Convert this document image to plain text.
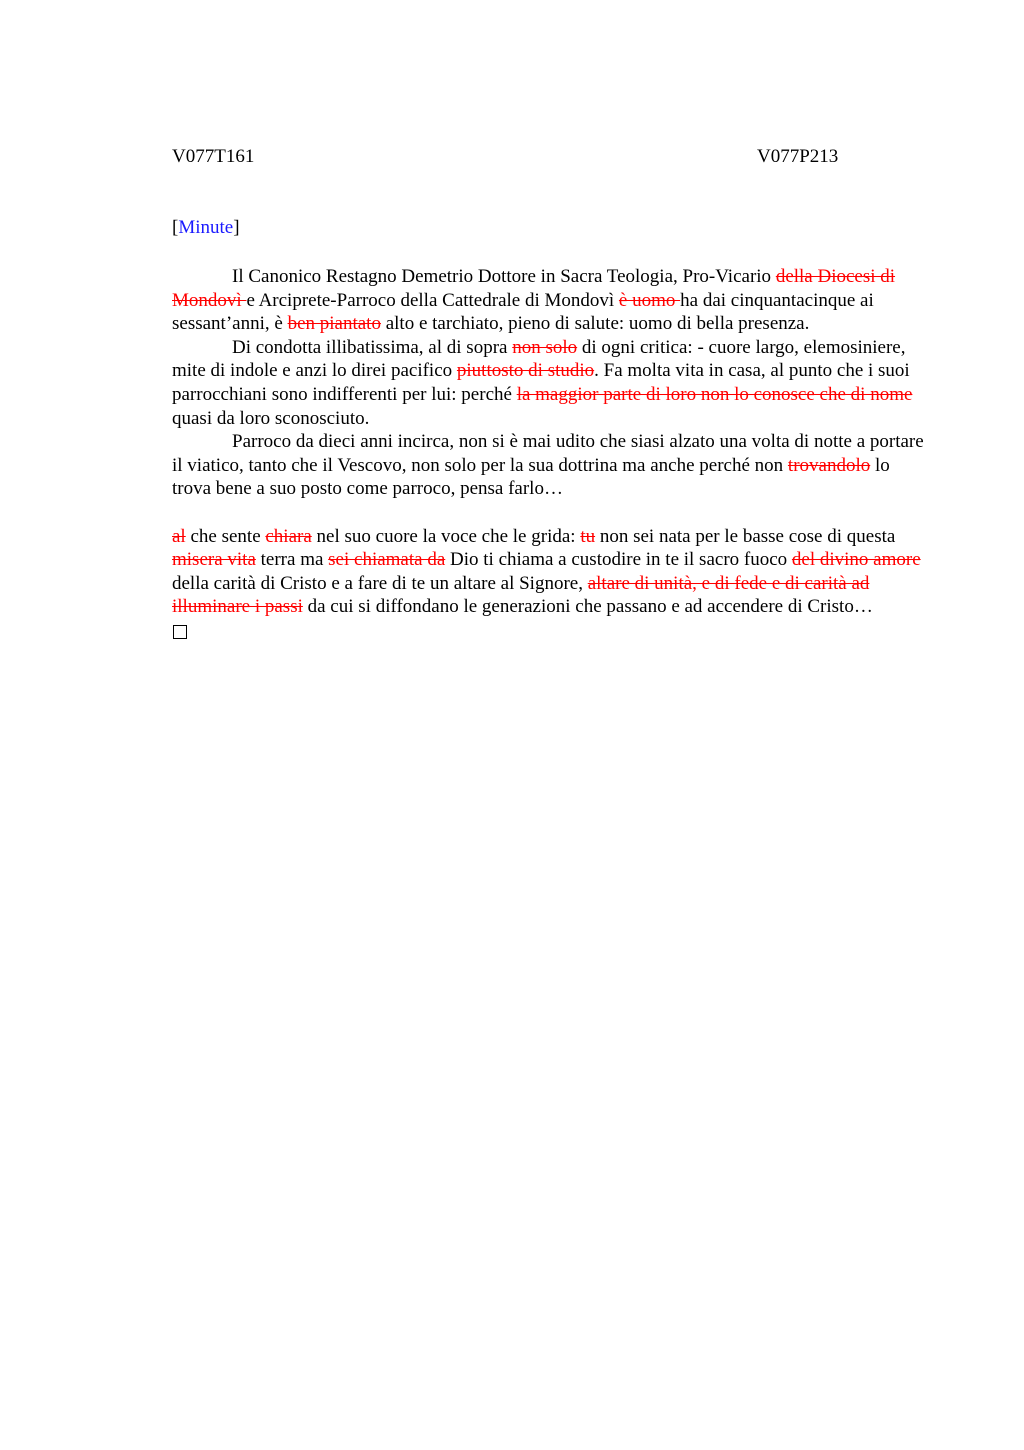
V077T161	V077P213
[Minute]

Il Canonico Restagno Demetrio Dottore in Sacra Teologia, Pro-Vicario della Diocesi di Mondovì e Arciprete-Parroco della Cattedrale di Mondovì è uomo ha dai cinquantacinque ai sessant’anni, è ben piantato alto e tarchiato, pieno di salute: uomo di bella presenza.

Di condotta illibatissima, al di sopra non solo di ogni critica: - cuore largo, elemosiniere, mite di indole e anzi lo direi pacifico piuttosto di studio. Fa molta vita in casa, al punto che i suoi parrocchiani sono indifferenti per lui: perché la maggior parte di loro non lo conosce che di nome quasi da loro sconosciuto.

Parroco da dieci anni incirca, non si è mai udito che siasi alzato una volta di notte a portare il viatico, tanto che il Vescovo, non solo per la sua dottrina ma anche perché non trovandolo lo trova bene a suo posto come parroco, pensa farlo…

al che sente chiara nel suo cuore la voce che le grida: tu non sei nata per le basse cose di questa misera vita terra ma sei chiamata da Dio ti chiama a custodire in te il sacro fuoco del divino amore della carità di Cristo e a fare di te un altare al Signore, altare di unità, e di fede e di carità ad illuminare i passi da cui si diffondano le generazioni che passano e ad accendere di Cristo…
